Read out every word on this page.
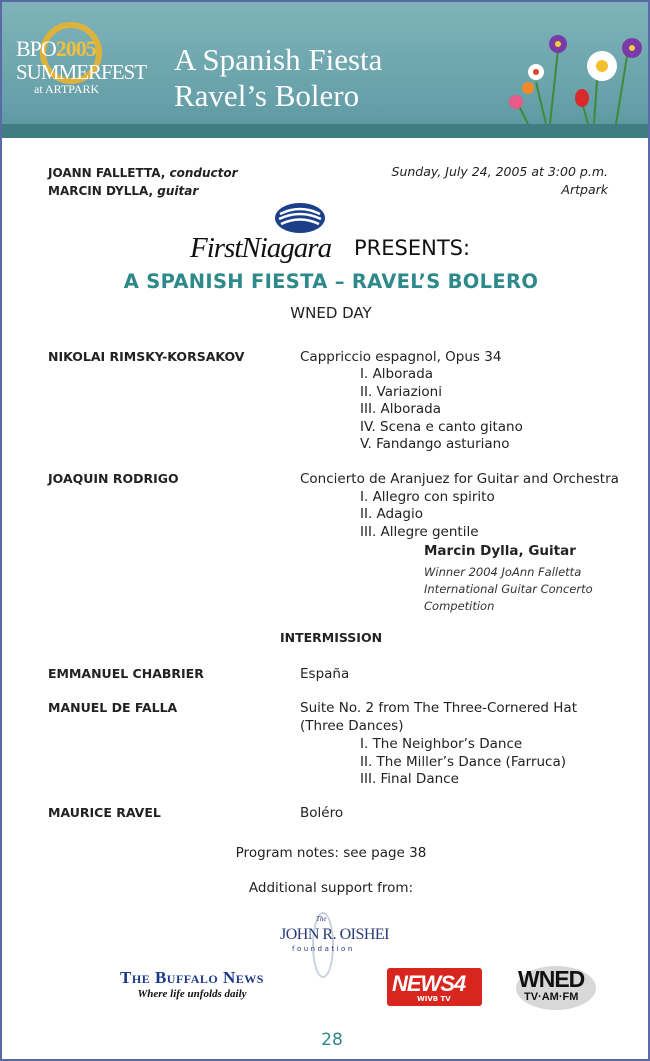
BPO2005
SUMMERFEST
at ARTPARK
A Spanish Fiesta
Ravel’s Bolero
JOANN FALLETTA, conductor
MARCIN DYLLA, guitar
Sunday, July 24, 2005 at 3:00 p.m.
Artpark
FirstNiagara PRESENTS:
A SPANISH FIESTA – RAVEL’S BOLERO
WNED DAY
NIKOLAI RIMSKY-KORSAKOV	Cappriccio espagnol, Opus 34
I. Alborada
II. Variazioni
III. Alborada
IV. Scena e canto gitano
V. Fandango asturiano
JOAQUIN RODRIGO	Concierto de Aranjuez for Guitar and Orchestra
I. Allegro con spirito
II. Adagio
III. Allegre gentile
Marcin Dylla, Guitar
Winner 2004 JoAnn Falletta
International Guitar Concerto
Competition
INTERMISSION
EMMANUEL CHABRIER	España
MANUEL DE FALLA	Suite No. 2 from The Three-Cornered Hat
(Three Dances)
I. The Neighbor’s Dance
II. The Miller’s Dance (Farruca)
III. Final Dance
MAURICE RAVEL	Boléro
Program notes: see page 38
Additional support from:
The
JOHN R. OISHEI
foundation
The Buffalo News
Where life unfolds daily	NEWS4
WIVB TV
WNED
TV·AM·FM
28
